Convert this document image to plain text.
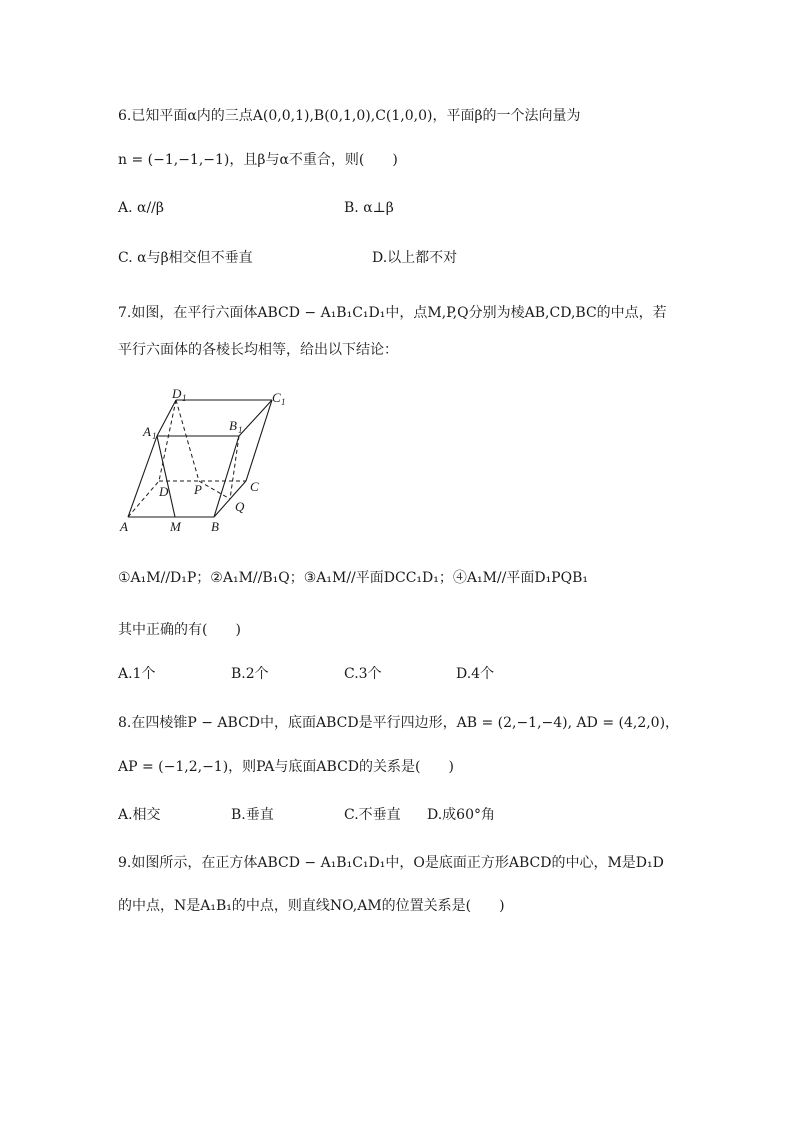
6.已知平面α内的三点A(0,0,1),B(0,1,0),C(1,0,0)，平面β的一个法向量为
n = (−1,−1,−1)，且β与α不重合，则(　　)
A. α//β	B. α⊥β
C. α与β相交但不垂直	D.以上都不对
7.如图，在平行六面体ABCD − A₁B₁C₁D₁中，点M,P,Q分别为棱AB,CD,BC的中点，若
平行六面体的各棱长均相等，给出以下结论：
D 1	C 1
A 1
B 1
D P	C
A	M B
Q
①A₁M//D₁P；②A₁M//B₁Q；③A₁M//平面DCC₁D₁；④A₁M//平面D₁PQB₁
其中正确的有(　　)
A.1个	B.2个	C.3个	D.4个
8.在四棱锥P − ABCD中，底面ABCD是平行四边形，AB = (2,−1,−4), AD = (4,2,0)，
AP = (−1,2,−1)，则PA与底面ABCD的关系是(　　)
A.相交	B.垂直	C.不垂直 D.成60°角
9.如图所示，在正方体ABCD − A₁B₁C₁D₁中，O是底面正方形ABCD的中心，M是D₁D
的中点，N是A₁B₁的中点，则直线NO,AM的位置关系是(　　)
